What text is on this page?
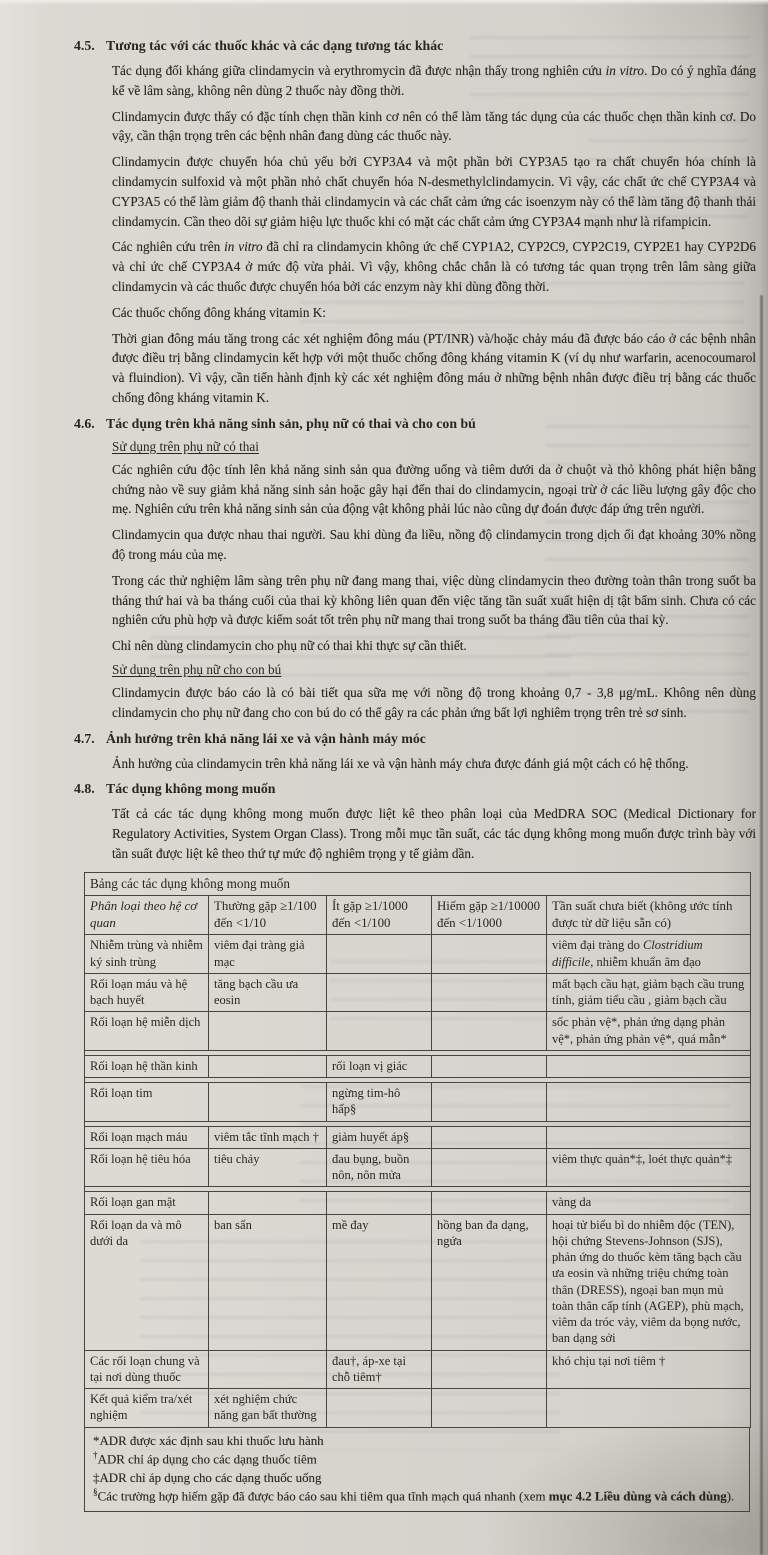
4.5. Tương tác với các thuốc khác và các dạng tương tác khác

Tác dụng đối kháng giữa clindamycin và erythromycin đã được nhận thấy trong nghiên cứu in vitro. Do có ý nghĩa đáng kể về lâm sàng, không nên dùng 2 thuốc này đồng thời.

Clindamycin được thấy có đặc tính chẹn thần kinh cơ nên có thể làm tăng tác dụng của các thuốc chẹn thần kinh cơ. Do vậy, cần thận trọng trên các bệnh nhân đang dùng các thuốc này.

Clindamycin được chuyển hóa chủ yếu bởi CYP3A4 và một phần bởi CYP3A5 tạo ra chất chuyển hóa chính là clindamycin sulfoxid và một phần nhỏ chất chuyển hóa N-desmethylclindamycin. Vì vậy, các chất ức chế CYP3A4 và CYP3A5 có thể làm giảm độ thanh thải clindamycin và các chất cảm ứng các isoenzym này có thể làm tăng độ thanh thải clindamycin. Cần theo dõi sự giảm hiệu lực thuốc khi có mặt các chất cảm ứng CYP3A4 mạnh như là rifampicin.

Các nghiên cứu trên in vitro đã chỉ ra clindamycin không ức chế CYP1A2, CYP2C9, CYP2C19, CYP2E1 hay CYP2D6 và chỉ ức chế CYP3A4 ở mức độ vừa phải. Vì vậy, không chắc chắn là có tương tác quan trọng trên lâm sàng giữa clindamycin và các thuốc được chuyển hóa bởi các enzym này khi dùng đồng thời.

Các thuốc chống đông kháng vitamin K:

Thời gian đông máu tăng trong các xét nghiệm đông máu (PT/INR) và/hoặc chảy máu đã được báo cáo ở các bệnh nhân được điều trị bằng clindamycin kết hợp với một thuốc chống đông kháng vitamin K (ví dụ như warfarin, acenocoumarol và fluindion). Vì vậy, cần tiến hành định kỳ các xét nghiệm đông máu ở những bệnh nhân được điều trị bằng các thuốc chống đông kháng vitamin K.

4.6. Tác dụng trên khả năng sinh sản, phụ nữ có thai và cho con bú
Sử dụng trên phụ nữ có thai

Các nghiên cứu độc tính lên khả năng sinh sản qua đường uống và tiêm dưới da ở chuột và thỏ không phát hiện bằng chứng nào về suy giảm khả năng sinh sản hoặc gây hại đến thai do clindamycin, ngoại trừ ở các liều lượng gây độc cho mẹ. Nghiên cứu trên khả năng sinh sản của động vật không phải lúc nào cũng dự đoán được đáp ứng trên người.

Clindamycin qua được nhau thai người. Sau khi dùng đa liều, nồng độ clindamycin trong dịch ối đạt khoảng 30% nồng độ trong máu của mẹ.

Trong các thử nghiệm lâm sàng trên phụ nữ đang mang thai, việc dùng clindamycin theo đường toàn thân trong suốt ba tháng thứ hai và ba tháng cuối của thai kỳ không liên quan đến việc tăng tần suất xuất hiện dị tật bẩm sinh. Chưa có các nghiên cứu phù hợp và được kiểm soát tốt trên phụ nữ mang thai trong suốt ba tháng đầu tiên của thai kỳ.

Chỉ nên dùng clindamycin cho phụ nữ có thai khi thực sự cần thiết.

Sử dụng trên phụ nữ cho con bú

Clindamycin được báo cáo là có bài tiết qua sữa mẹ với nồng độ trong khoảng 0,7 - 3,8 μg/mL. Không nên dùng clindamycin cho phụ nữ đang cho con bú do có thể gây ra các phản ứng bất lợi nghiêm trọng trên trẻ sơ sinh.

4.7. Ảnh hưởng trên khả năng lái xe và vận hành máy móc

Ảnh hưởng của clindamycin trên khả năng lái xe và vận hành máy chưa được đánh giá một cách có hệ thống.

4.8. Tác dụng không mong muốn

Tất cả các tác dụng không mong muốn được liệt kê theo phân loại của MedDRA SOC (Medical Dictionary for Regulatory Activities, System Organ Class). Trong mỗi mục tần suất, các tác dụng không mong muốn được trình bày với tần suất được liệt kê theo thứ tự mức độ nghiêm trọng y tế giảm dần.

Bảng các tác dụng không mong muốn				
Phân loại theo hệ cơ quan	Thường gặp ≥1/100 đến <1/10	Ít gặp ≥1/1000 đến <1/100	Hiếm gặp ≥1/10000 đến <1/1000	Tần suất chưa biết (không ước tính được từ dữ liệu sẵn có)
Nhiễm trùng và nhiễm ký sinh trùng	viêm đại tràng giả mạc			viêm đại tràng do Clostridium difficile, nhiễm khuẩn âm đạo
Rối loạn máu và hệ bạch huyết	tăng bạch cầu ưa eosin			mất bạch cầu hạt, giảm bạch cầu trung tính, giảm tiểu cầu , giảm bạch cầu
Rối loạn hệ miễn dịch				sốc phản vệ*, phản ứng dạng phản vệ*, phản ứng phản vệ*, quá mẫn*

Rối loạn hệ thần kinh		rối loạn vị giác		

Rối loạn tim		ngừng tim-hô hấp§		

Rối loạn mạch máu	viêm tắc tĩnh mạch †	giảm huyết áp§		
Rối loạn hệ tiêu hóa	tiêu chảy	đau bụng, buồn nôn, nôn mửa		viêm thực quản*‡, loét thực quản*‡

Rối loạn gan mật				vàng da
Rối loạn da và mô dưới da	ban sẩn	mề đay	hồng ban đa dạng, ngứa	hoại tử biểu bì do nhiễm độc (TEN), hội chứng Stevens-Johnson (SJS), phản ứng do thuốc kèm tăng bạch cầu ưa eosin và những triệu chứng toàn thân (DRESS), ngoại ban mụn mủ toàn thân cấp tính (AGEP), phù mạch, viêm da tróc vảy, viêm da bọng nước, ban dạng sởi
Các rối loạn chung và tại nơi dùng thuốc		đau†, áp-xe tại chỗ tiêm†		khó chịu tại nơi tiêm †
Kết quả kiểm tra/xét nghiệm	xét nghiệm chức năng gan bất thường			
*ADR được xác định sau khi thuốc lưu hành
†ADR chỉ áp dụng cho các dạng thuốc tiêm
‡ADR chỉ áp dụng cho các dạng thuốc uống
§Các trường hợp hiếm gặp đã được báo cáo sau khi tiêm qua tĩnh mạch quá nhanh (xem mục 4.2 Liều dùng và cách dùng).
